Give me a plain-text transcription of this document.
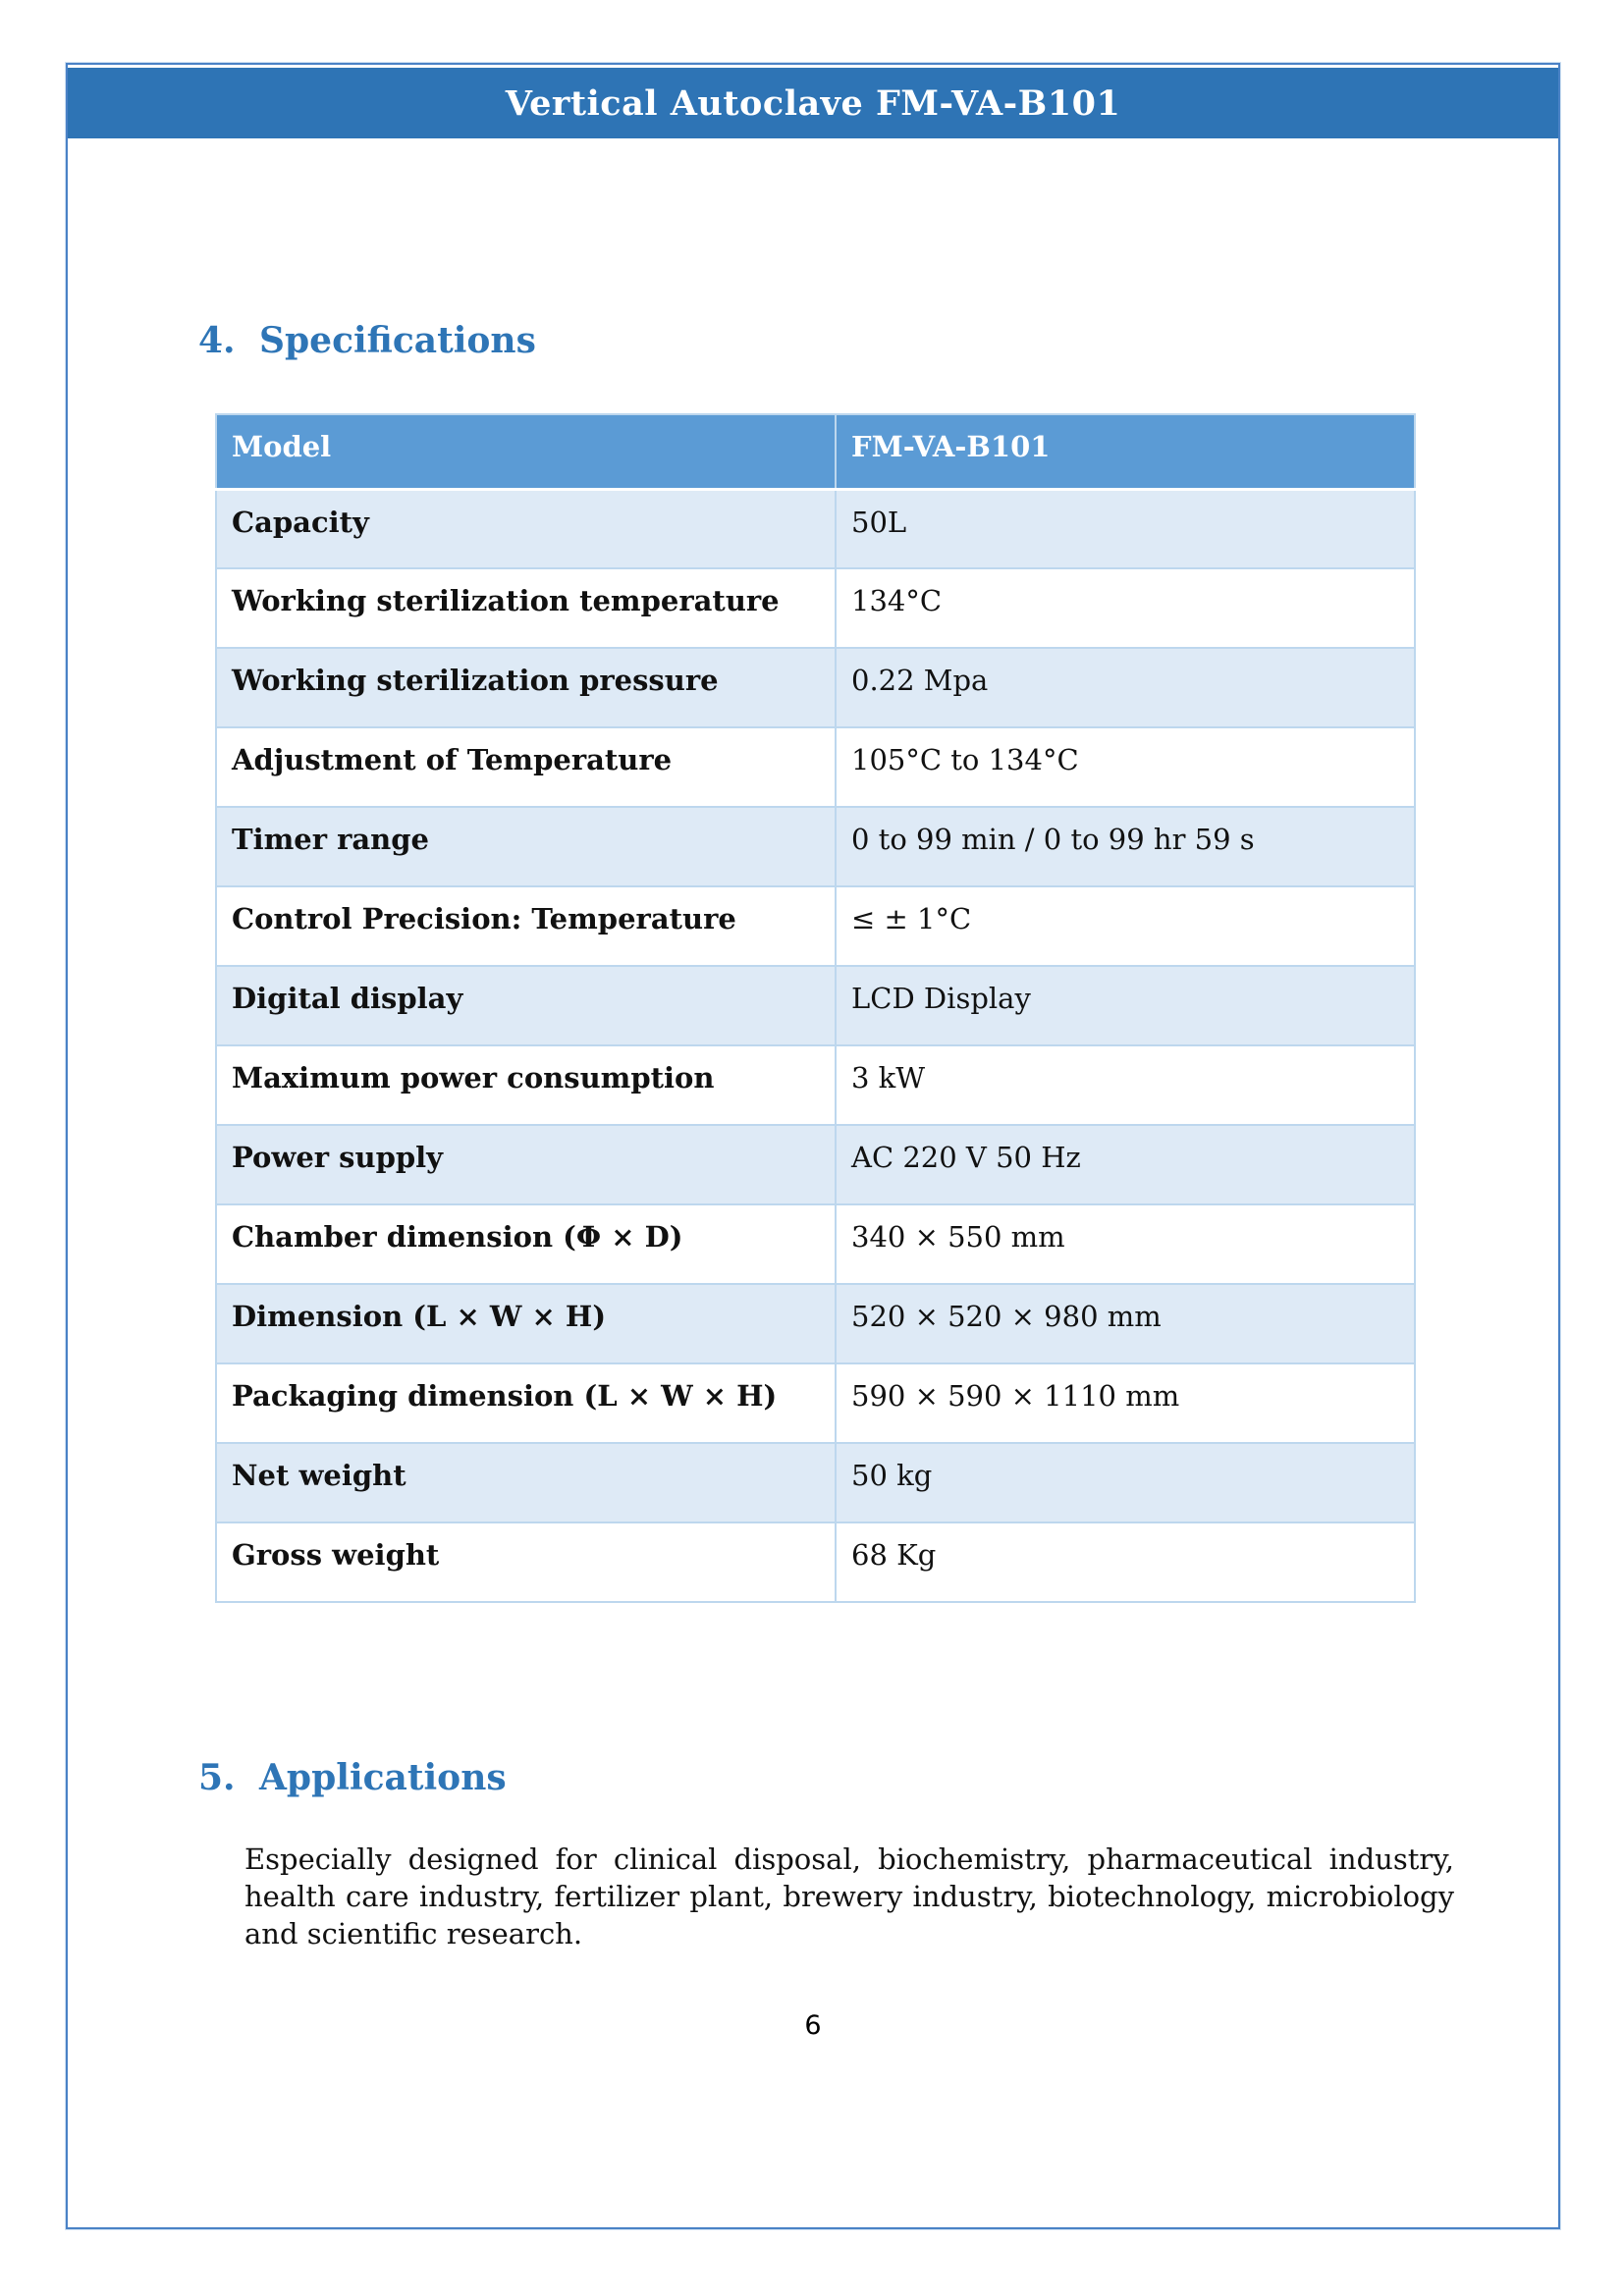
Vertical Autoclave FM-VA-B101
4. Specifications
Model	FM-VA-B101
Capacity	50L
Working sterilization temperature	134°C
Working sterilization pressure	0.22 Mpa
Adjustment of Temperature	105°C to 134°C
Timer range	0 to 99 min / 0 to 99 hr 59 s
Control Precision: Temperature	≤ ± 1°C
Digital display	LCD Display
Maximum power consumption	3 kW
Power supply	AC 220 V 50 Hz
Chamber dimension (Φ × D)	340 × 550 mm
Dimension (L × W × H)	520 × 520 × 980 mm
Packaging dimension (L × W × H)	590 × 590 × 1110 mm
Net weight	50 kg
Gross weight	68 Kg
5. Applications

Especially designed for clinical disposal, biochemistry, pharmaceutical industry, health care industry, fertilizer plant, brewery industry, biotechnology, microbiology and scientific research.

6
